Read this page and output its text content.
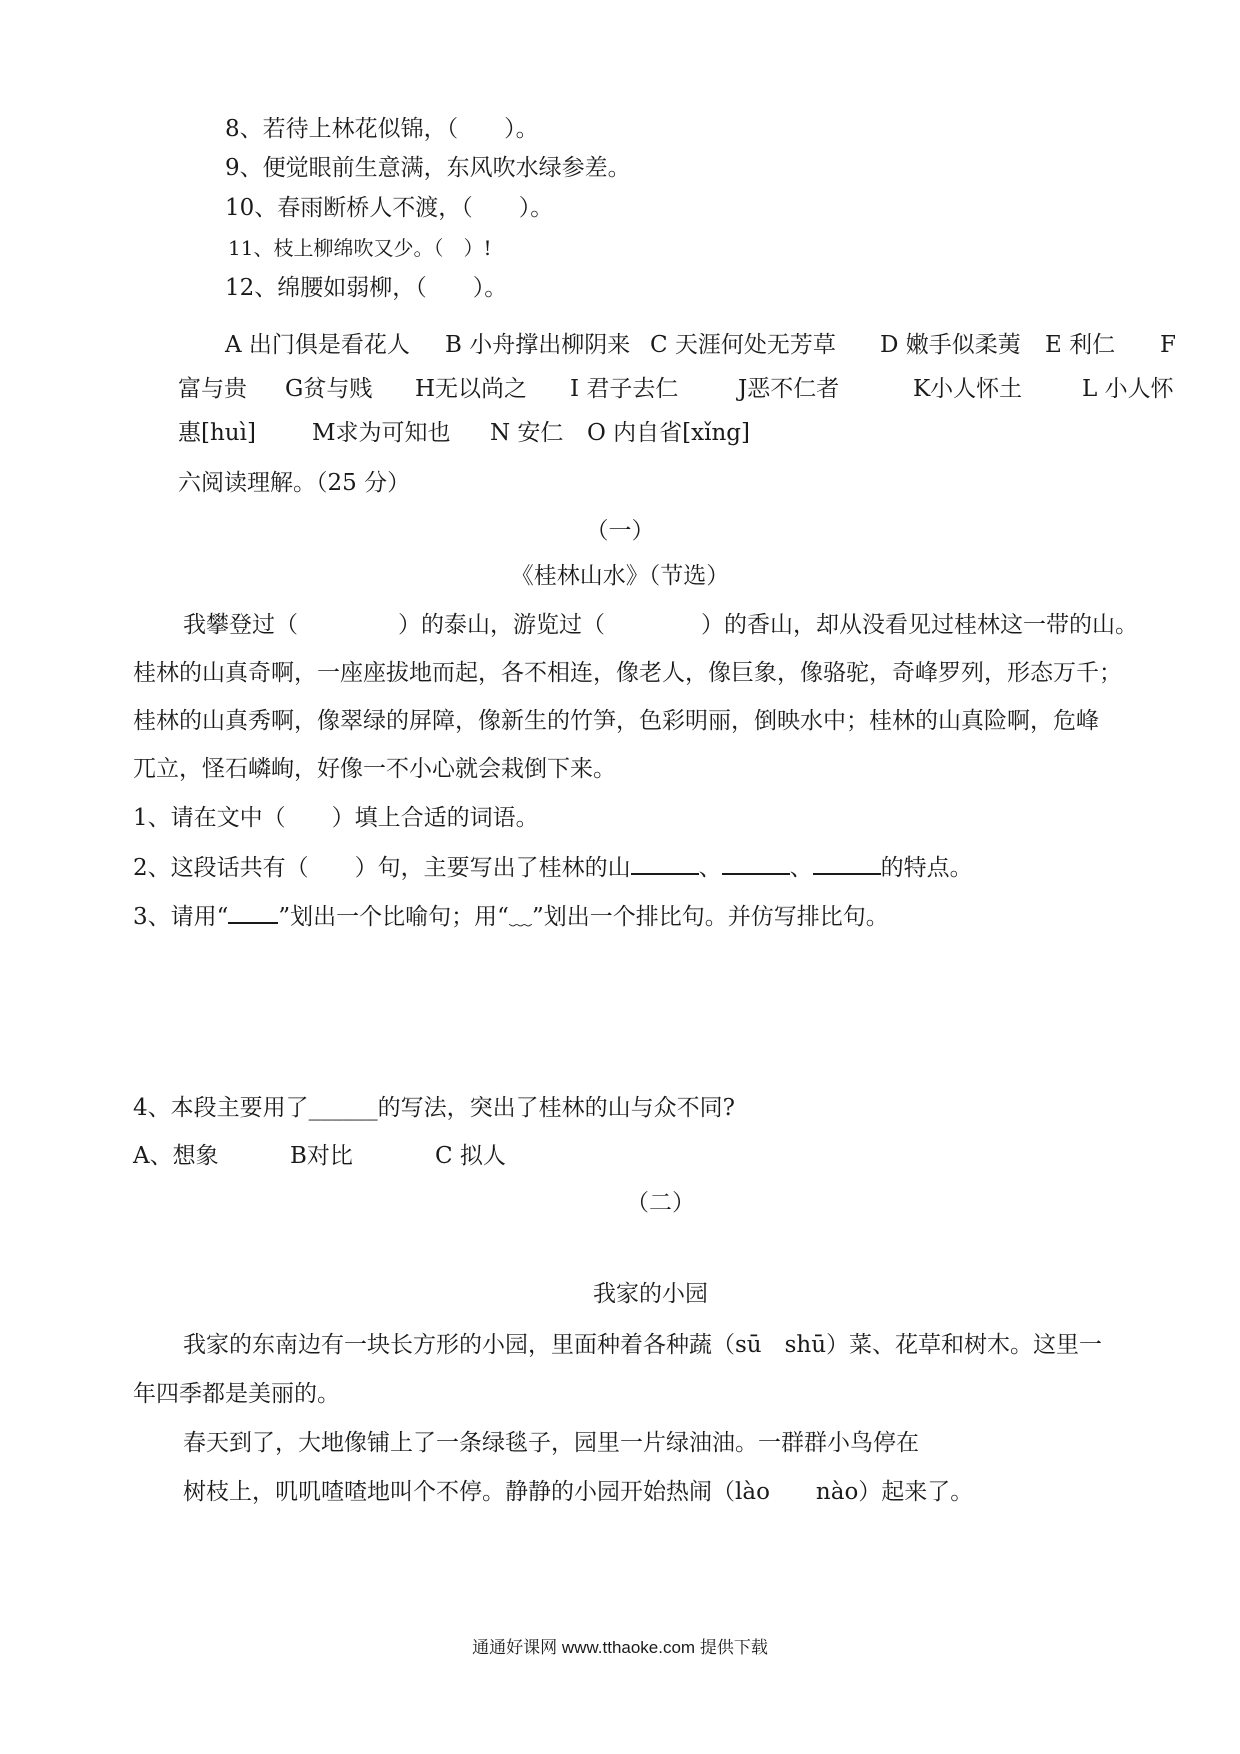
8、若待上林花似锦，（　　）。
9、便觉眼前生意满，东风吹水绿参差。
10、春雨断桥人不渡，（　　）。
11、枝上柳绵吹又少。（　）!
12、绵腰如弱柳，（　　）。
A 出门俱是看花人 B 小舟撑出柳阴来 C 天涯何处无芳草 D 嫩手似柔荑 E 利仁 F
富与贵 G贫与贱 H无以尚之 I 君子去仁	J恶不仁者	K小人怀土	L 小人怀
惠[huì] M求为可知也 N 安仁 O 内自省[xǐng]
六阅读理解。（25 分）
（一）
《桂林山水》（节选）
我攀登过（	）的泰山，游览过（	）的香山，却从没看见过桂林这一带的山。
桂林的山真奇啊，一座座拔地而起，各不相连，像老人，像巨象，像骆驼，奇峰罗列，形态万千；
桂林的山真秀啊，像翠绿的屏障，像新生的竹笋，色彩明丽，倒映水中；桂林的山真险啊，危峰
兀立，怪石嶙峋，好像一不小心就会栽倒下来。
1、请在文中（　　）填上合适的词语。
2、这段话共有（　　）句，主要写出了桂林的山	、	、	的特点。
3、请用“ ”划出一个比喻句；用“﹏”划出一个排比句。并仿写排比句。
4、本段主要用了______的写法，突出了桂林的山与众不同?
A、想象	B对比	C 拟人
（二）
我家的小园
我家的东南边有一块长方形的小园，里面种着各种蔬（sū　shū）菜、花草和树木。这里一
年四季都是美丽的。
春天到了，大地像铺上了一条绿毯子，园里一片绿油油。一群群小鸟停在
树枝上，叽叽喳喳地叫个不停。静静的小园开始热闹（lào　　nào）起来了。
通通好课网 www.tthaoke.com 提供下载
